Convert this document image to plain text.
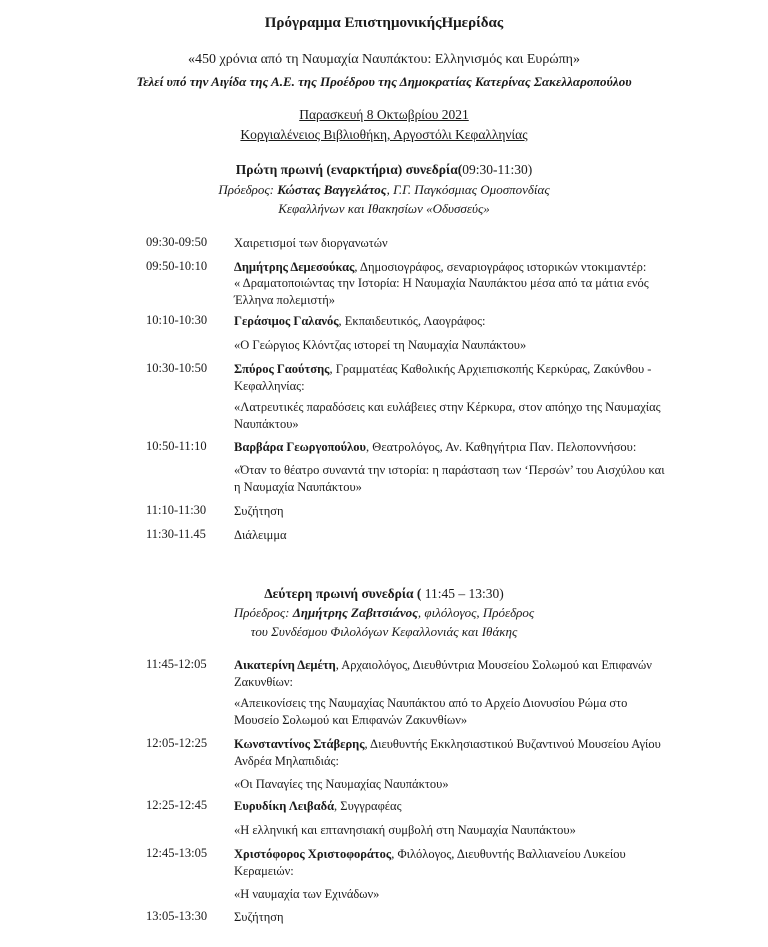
Πρόγραμμα ΕπιστημονικήςΗμερίδας
«450 χρόνια από τη Ναυμαχία Ναυπάκτου: Ελληνισμός και Ευρώπη»
Τελεί υπό την Αιγίδα της Α.Ε. της Προέδρου της Δημοκρατίας Κατερίνας Σακελλαροπούλου
Παρασκευή 8 Οκτωβρίου 2021
Κοργιαλένειος Βιβλιοθήκη, Αργοστόλι Κεφαλληνίας
Πρώτη πρωινή (εναρκτήρια) συνεδρία(09:30-11:30)
Πρόεδρος: Κώστας Βαγγελάτος, Γ.Γ. Παγκόσμιας Ομοσπονδίας
Κεφαλλήνων και Ιθακησίων «Οδυσσεύς»
09:30-09:50	Χαιρετισμοί των διοργανωτών
09:50-10:10	Δημήτρης Δεμεσούκας, Δημοσιογράφος, σεναριογράφος ιστορικών ντοκιμαντέρ:
« Δραματοποιώντας την Ιστορία: Η Ναυμαχία Ναυπάκτου μέσα από τα μάτια ενός Έλληνα πολεμιστή»
10:10-10:30	Γεράσιμος Γαλανός, Εκπαιδευτικός, Λαογράφος:
«Ο Γεώργιος Κλόντζας ιστορεί τη Ναυμαχία Ναυπάκτου»
10:30-10:50	Σπύρος Γαούτσης, Γραμματέας Καθολικής Αρχιεπισκοπής Κερκύρας, Ζακύνθου - Κεφαλληνίας:
«Λατρευτικές παραδόσεις και ευλάβειες στην Κέρκυρα, στον απόηχο της Ναυμαχίας Ναυπάκτου»
10:50-11:10	Βαρβάρα Γεωργοπούλου, Θεατρολόγος, Αν. Καθηγήτρια Παν. Πελοποννήσου:
«Όταν το θέατρο συναντά την ιστορία: η παράσταση των ‘Περσών’ του Αισχύλου και η Ναυμαχία Ναυπάκτου»
11:10-11:30	Συζήτηση
11:30-11.45	Διάλειμμα
Δεύτερη πρωινή συνεδρία ( 11:45 – 13:30)
Πρόεδρος: Δημήτρης Ζαβιτσιάνος, φιλόλογος, Πρόεδρος
του Συνδέσμου Φιλολόγων Κεφαλλονιάς και Ιθάκης
11:45-12:05	Αικατερίνη Δεμέτη, Αρχαιολόγος, Διευθύντρια Μουσείου Σολωμού και Επιφανών Ζακυνθίων:
«Απεικονίσεις της Ναυμαχίας Ναυπάκτου από το Αρχείο Διονυσίου Ρώμα στο Μουσείο Σολωμού και Επιφανών Ζακυνθίων»
12:05-12:25	Κωνσταντίνος Στάβερης, Διευθυντής Εκκλησιαστικού Βυζαντινού Μουσείου Αγίου Ανδρέα Μηλαπιδιάς:
«Οι Παναγίες της Ναυμαχίας Ναυπάκτου»
12:25-12:45	Ευρυδίκη Λειβαδά, Συγγραφέας
«Η ελληνική και επτανησιακή συμβολή στη Ναυμαχία Ναυπάκτου»
12:45-13:05	Χριστόφορος Χριστοφοράτος, Φιλόλογος, Διευθυντής Βαλλιανείου Λυκείου Κεραμειών:
«Η ναυμαχία των Εχινάδων»
13:05-13:30	Συζήτηση
